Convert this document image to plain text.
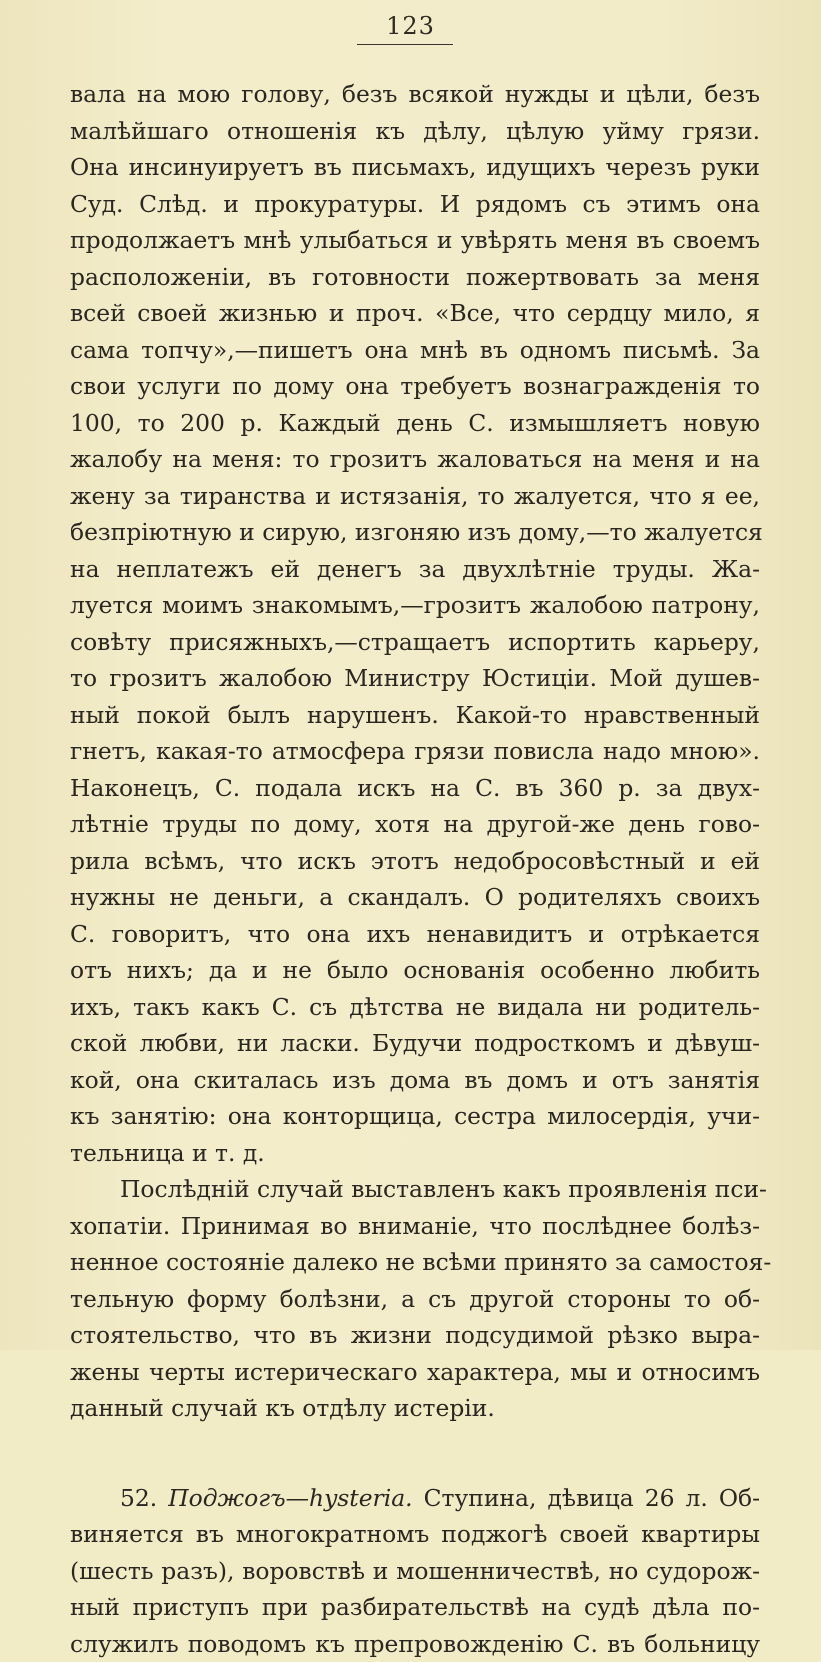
123
вала на мою голову, безъ всякой нужды и цѣли, безъ
малѣйшаго отношенія къ дѣлу, цѣлую уйму грязи.
Она инсинуируетъ въ письмахъ, идущихъ черезъ руки
Суд. Слѣд. и прокуратуры. И рядомъ съ этимъ она
продолжаетъ мнѣ улыбаться и увѣрять меня въ своемъ
расположеніи, въ готовности пожертвовать за меня
всей своей жизнью и проч. «Все, что сердцу мило, я
сама топчу»,—пишетъ она мнѣ въ одномъ письмѣ. За
свои услуги по дому она требуетъ вознагражденія то
100, то 200 р. Каждый день С. измышляетъ новую
жалобу на меня: то грозитъ жаловаться на меня и на
жену за тиранства и истязанія, то жалуется, что я ее,
безпріютную и сирую, изгоняю изъ дому,—то жалуется
на неплатежъ ей денегъ за двухлѣтніе труды. Жа-
луется моимъ знакомымъ,—грозитъ жалобою патрону,
совѣту присяжныхъ,—стращаетъ испортить карьеру,
то грозитъ жалобою Министру Юстиціи. Мой душев-
ный покой былъ нарушенъ. Какой-то нравственный
гнетъ, какая-то атмосфера грязи повисла надо мною».
Наконецъ, С. подала искъ на С. въ 360 р. за двух-
лѣтніе труды по дому, хотя на другой-же день гово-
рила всѣмъ, что искъ этотъ недобросовѣстный и ей
нужны не деньги, а скандалъ. О родителяхъ своихъ
С. говоритъ, что она ихъ ненавидитъ и отрѣкается
отъ нихъ; да и не было основанія особенно любить
ихъ, такъ какъ С. съ дѣтства не видала ни родитель-
ской любви, ни ласки. Будучи подросткомъ и дѣвуш-
кой, она скиталась изъ дома въ домъ и отъ занятія
къ занятію: она конторщица, сестра милосердія, учи-
тельница и т. д.
Послѣдній случай выставленъ какъ проявленія пси-
хопатіи. Принимая во вниманіе, что послѣднее болѣз-
ненное состояніе далеко не всѣми принято за самостоя-
тельную форму болѣзни, а съ другой стороны то об-
стоятельство, что въ жизни подсудимой рѣзко выра-
жены черты истерическаго характера, мы и относимъ
данный случай къ отдѣлу истеріи.
52. Поджогъ—hysteria. Ступина, дѣвица 26 л. Об-
виняется въ многократномъ поджогѣ своей квартиры
(шесть разъ), воровствѣ и мошенничествѣ, но судорож-
ный приступъ при разбирательствѣ на судѣ дѣла по-
служилъ поводомъ къ препровожденію С. въ больницу
